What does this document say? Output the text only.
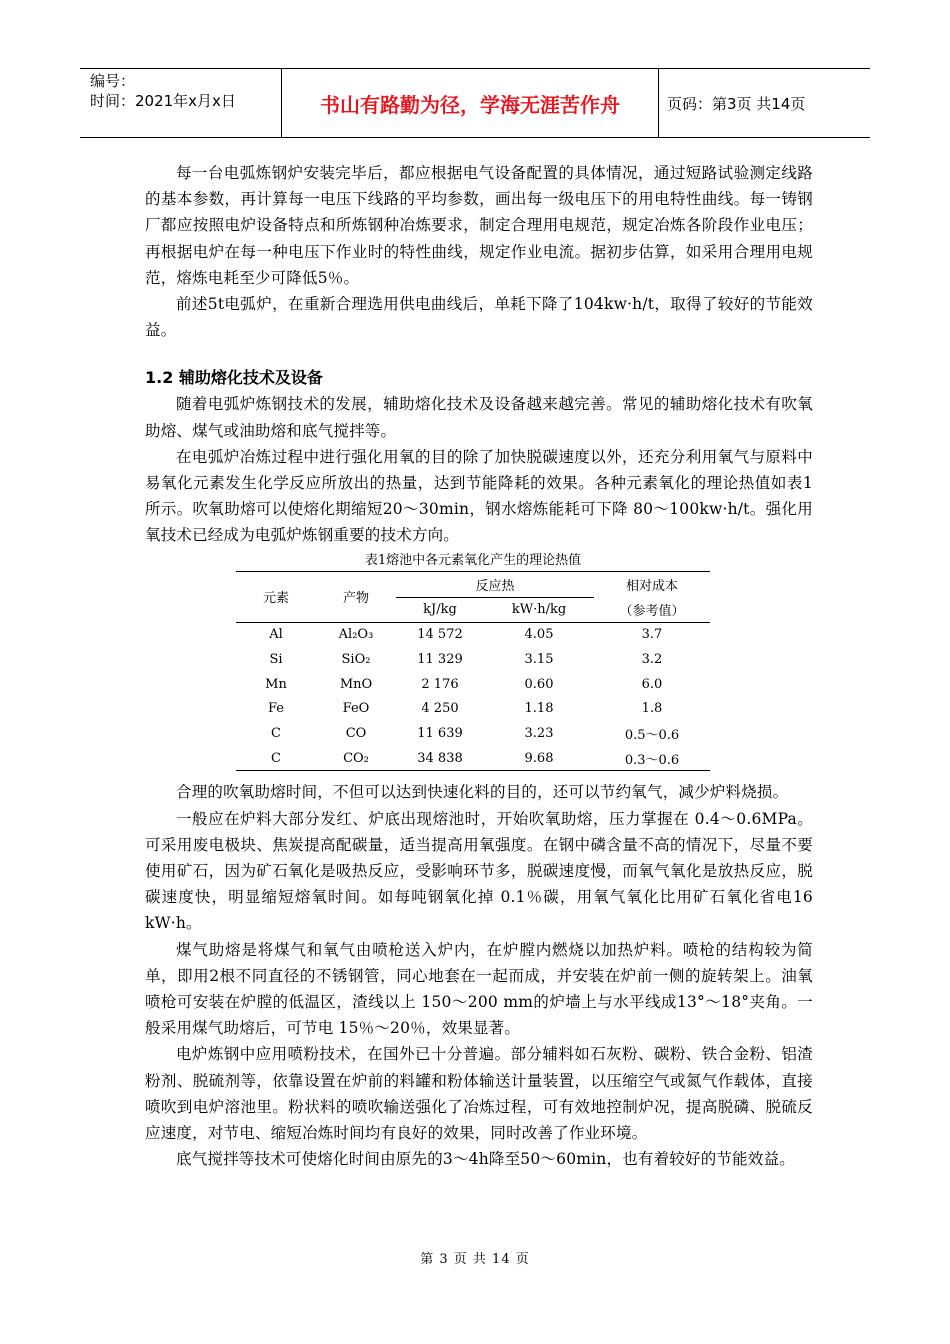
编号：
时间：2021年x月x日	书山有路勤为径，学海无涯苦作舟	页码：第3页 共14页

每一台电弧炼钢炉安装完毕后，都应根据电气设备配置的具体情况，通过短路试验测定线路的基本参数，再计算每一电压下线路的平均参数，画出每一级电压下的用电特性曲线。每一铸钢厂都应按照电炉设备特点和所炼钢种冶炼要求，制定合理用电规范，规定冶炼各阶段作业电压；再根据电炉在每一种电压下作业时的特性曲线，规定作业电流。据初步估算，如采用合理用电规范，熔炼电耗至少可降低5％。

前述5t电弧炉，在重新合理选用供电曲线后，单耗下降了104kw·h/t，取得了较好的节能效益。

1.2 辅助熔化技术及设备

随着电弧炉炼钢技术的发展，辅助熔化技术及设备越来越完善。常见的辅助熔化技术有吹氧助熔、煤气或油助熔和底气搅拌等。

在电弧炉冶炼过程中进行强化用氧的目的除了加快脱碳速度以外，还充分利用氧气与原料中易氧化元素发生化学反应所放出的热量，达到节能降耗的效果。各种元素氧化的理论热值如表1所示。吹氧助熔可以使熔化期缩短20～30min，钢水熔炼能耗可下降 80～100kw·h/t。强化用氧技术已经成为电弧炉炼钢重要的技术方向。

表1熔池中各元素氧化产生的理论热值
元素	产物	反应热		相对成本
		kJ/kg	kW·h/kg	（参考值）
Al	Al₂O₃	14 572	4.05	3.7
Si	SiO₂	11 329	3.15	3.2
Mn	MnO	2 176	0.60	6.0
Fe	FeO	4 250	1.18	1.8
C	CO	11 639	3.23	0.5～0.6
C	CO₂	34 838	9.68	0.3～0.6

合理的吹氧助熔时间，不但可以达到快速化料的目的，还可以节约氧气，减少炉料烧损。

一般应在炉料大部分发红、炉底出现熔池时，开始吹氧助熔，压力掌握在 0.4～0.6MPa。 可采用废电极块、焦炭提高配碳量，适当提高用氧强度。在钢中磷含量不高的情况下，尽量不要使用矿石，因为矿石氧化是吸热反应，受影响环节多，脱碳速度慢，而氧气氧化是放热反应，脱碳速度快，明显缩短熔氧时间。如每吨钢氧化掉 0.1％碳，用氧气氧化比用矿石氧化省电16 kW·h。

煤气助熔是将煤气和氧气由喷枪送入炉内，在炉膛内燃烧以加热炉料。喷枪的结构较为简单，即用2根不同直径的不锈钢管，同心地套在一起而成，并安装在炉前一侧的旋转架上。油氧喷枪可安装在炉膛的低温区，渣线以上 150～200 mm的炉墙上与水平线成13°～18°夹角。一般采用煤气助熔后，可节电 15％～20％，效果显著。

电炉炼钢中应用喷粉技术，在国外已十分普遍。部分辅料如石灰粉、碳粉、铁合金粉、铝渣粉剂、脱硫剂等，依靠设置在炉前的料罐和粉体输送计量装置，以压缩空气或氮气作载体，直接喷吹到电炉溶池里。粉状料的喷吹输送强化了冶炼过程，可有效地控制炉况，提高脱磷、脱硫反应速度，对节电、缩短冶炼时间均有良好的效果，同时改善了作业环境。

底气搅拌等技术可使熔化时间由原先的3～4h降至50～60min，也有着较好的节能效益。

第 3 页 共 14 页
